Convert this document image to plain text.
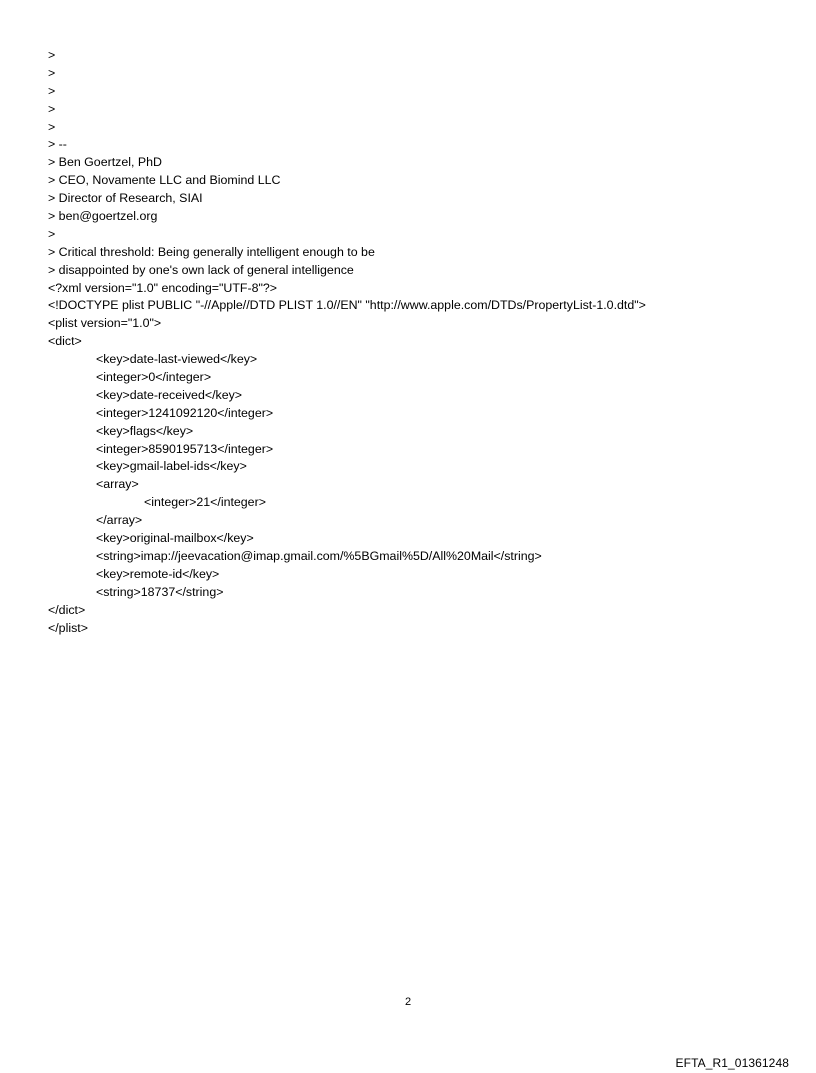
>
>
>
>
>
> --
> Ben Goertzel, PhD
> CEO, Novamente LLC and Biomind LLC
> Director of Research, SIAI
> ben@goertzel.org
>
> Critical threshold: Being generally intelligent enough to be
> disappointed by one's own lack of general intelligence
<?xml version="1.0" encoding="UTF-8"?>
<!DOCTYPE plist PUBLIC "-//Apple//DTD PLIST 1.0//EN" "http://www.apple.com/DTDs/PropertyList-1.0.dtd">
<plist version="1.0">
<dict>
<key>date-last-viewed</key>
<integer>0</integer>
<key>date-received</key>
<integer>1241092120</integer>
<key>flags</key>
<integer>8590195713</integer>
<key>gmail-label-ids</key>
<array>
<integer>21</integer>
</array>
<key>original-mailbox</key>
<string>imap://jeevacation@imap.gmail.com/%5BGmail%5D/All%20Mail</string>
<key>remote-id</key>
<string>18737</string>
</dict>
</plist>
2
EFTA_R1_01361248
